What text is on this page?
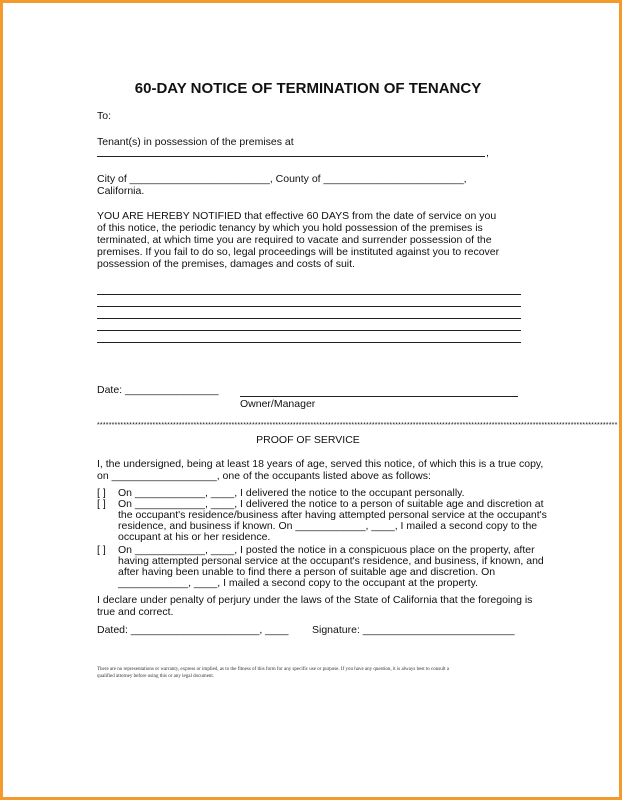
60-DAY NOTICE OF TERMINATION OF TENANCY
To:
Tenant(s) in possession of the premises at
,
City of ________________________, County of ________________________,
California.
YOU ARE HEREBY NOTIFIED that effective 60 DAYS from the date of service on you
of this notice, the periodic tenancy by which you hold possession of the premises is
terminated, at which time you are required to vacate and surrender possession of the
premises. If you fail to do so, legal proceedings will be instituted against you to recover
possession of the premises, damages and costs of suit.
Date: ________________
Owner/Manager
**********************************************************************************************************************************************************************************
PROOF OF SERVICE
I, the undersigned, being at least 18 years of age, served this notice, of which this is a true copy,
on __________________, one of the occupants listed above as follows:
[ ] On ____________, ____, I delivered the notice to the occupant personally.
[ ] On ____________, ____, I delivered the notice to a person of suitable age and discretion at
the occupant's residence/business after having attempted personal service at the occupant's
residence, and business if known. On ____________, ____, I mailed a second copy to the
occupant at his or her residence.
[ ] On ____________, ____, I posted the notice in a conspicuous place on the property, after
having attempted personal service at the occupant's residence, and business, if known, and
after having been unable to find there a person of suitable age and discretion. On
____________, ____, I mailed a second copy to the occupant at the property.
I declare under penalty of perjury under the laws of the State of California that the foregoing is
true and correct.
Dated: ______________________, ____ Signature: __________________________
There are no representations or warranty, express or implied, as to the fitness of this form for any specific use or purpose. If you have any question, it is always best to consult a
qualified attorney before using this or any legal document.
